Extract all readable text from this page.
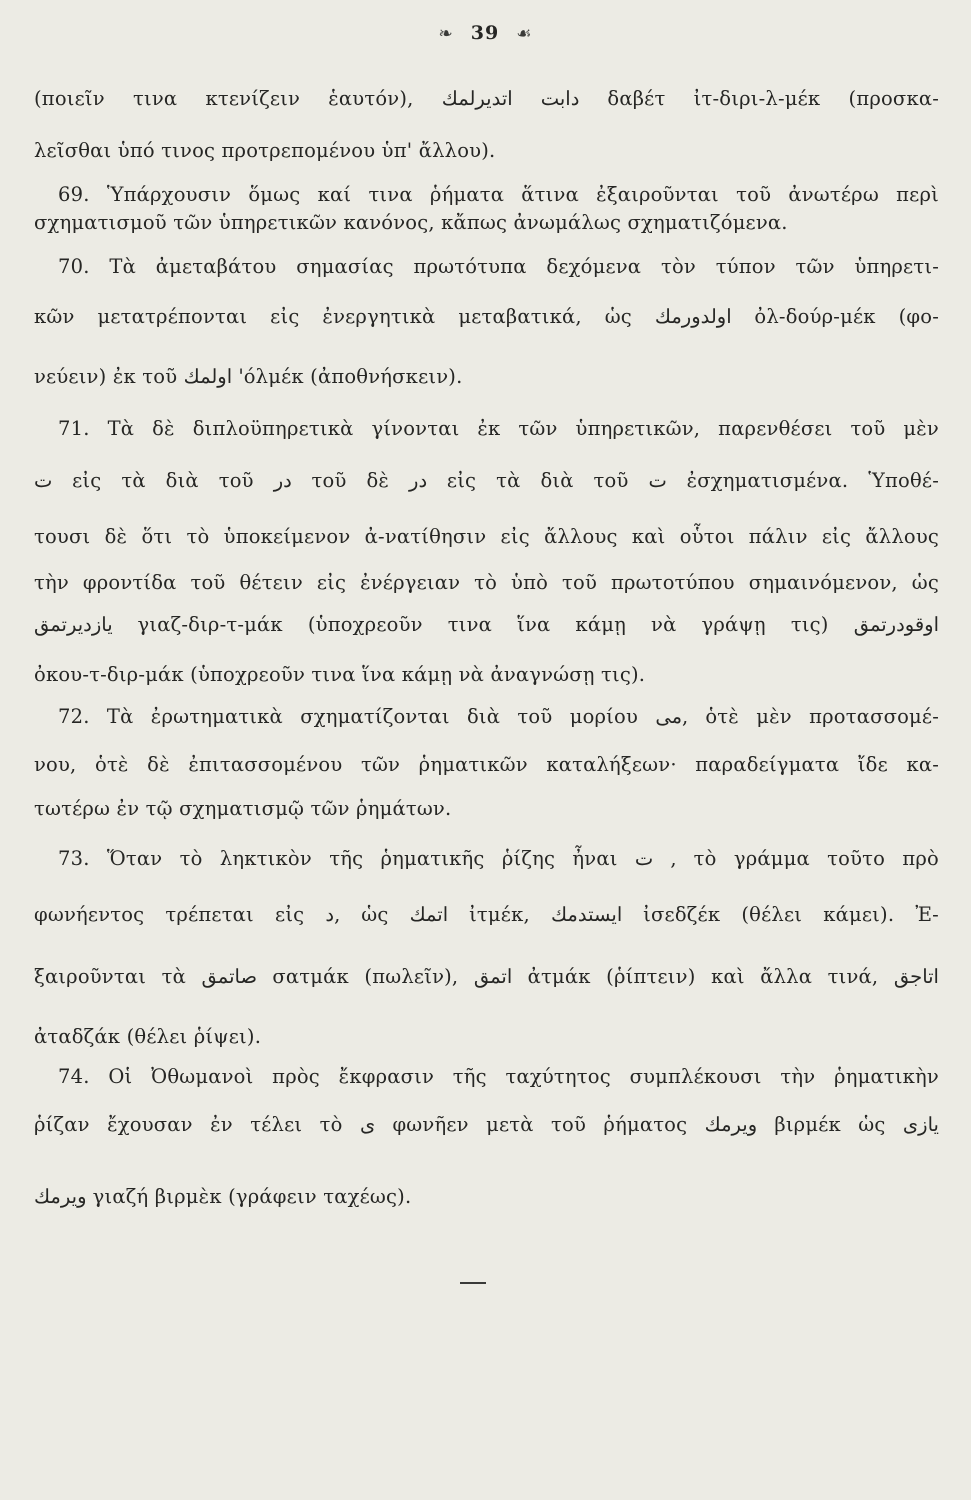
❧ 39 ☙
(ποιεῖν τινα κτενίζειν ἑαυτόν), دابت اتدیرلمك δαβέτ ἰτ-διρι-λ-μέκ (προσκα-
λεῖσθαι ὑπό τινος προτρεπομένου ὑπ' ἄλλου).
69. Ὑπάρχουσιν ὅμως καί τινα ῥήματα ἅτινα ἐξαιροῦνται τοῦ ἀνωτέρω περὶ
σχηματισμοῦ τῶν ὑπηρετικῶν κανόνος, κἄπως ἀνωμάλως σχηματιζόμενα.
70. Τὰ ἀμεταβάτου σημασίας πρωτότυπα δεχόμενα τὸν τύπον τῶν ὑπηρετι-
κῶν μετατρέπονται εἰς ἐνεργητικὰ μεταβατικά, ὡς اولدورمك ὀλ-δούρ-μέκ (φο-
νεύειν) ἐκ τοῦ اولمك 'όλμέκ (ἀποθνήσκειν).
71. Τὰ δὲ διπλοϋπηρετικὰ γίνονται ἐκ τῶν ὑπηρετικῶν, παρενθέσει τοῦ μὲν
ت εἰς τὰ διὰ τοῦ در τοῦ δὲ در εἰς τὰ διὰ τοῦ ت ἐσχηματισμένα. Ὑποθέ-
τουσι δὲ ὅτι τὸ ὑποκείμενον ἀ-νατίθησιν εἰς ἄλλους καὶ οὗτοι πάλιν εἰς ἄλλους
τὴν φροντίδα τοῦ θέτειν εἰς ἐνέργειαν τὸ ὑπὸ τοῦ πρωτοτύπου σημαινόμενον, ὡς
یازدیرتمق γιαζ-διρ-τ-μάκ (ὑποχρεοῦν τινα ἵνα κάμῃ νὰ γράψῃ τις) اوقودرتمق
ὀκου-τ-διρ-μάκ (ὑποχρεοῦν τινα ἵνα κάμῃ νὰ ἀναγνώσῃ τις).
72. Τὰ ἐρωτηματικὰ σχηματίζονται διὰ τοῦ μορίου مى, ὁτὲ μὲν προτασσομέ-
νου, ὁτὲ δὲ ἐπιτασσομένου τῶν ῥηματικῶν καταλήξεων· παραδείγματα ἴδε κα-
τωτέρω ἐν τῷ σχηματισμῷ τῶν ῥημάτων.
73. Ὅταν τὸ ληκτικὸν τῆς ῥηματικῆς ῥίζης ἦναι ت , τὸ γράμμα τοῦτο πρὸ
φωνήεντος τρέπεται εἰς د, ὡς اتمك ἰτμέκ, ایستدمك ἰσεδζέκ (θέλει κάμει). Ἐ-
ξαιροῦνται τὰ صاتمق σατμάκ (πωλεῖν), اتمق ἀτμάκ (ῥίπτειν) καὶ ἄλλα τινά, اتاجق
ἀταδζάκ (θέλει ῥίψει).
74. Οἱ Ὀθωμανοὶ πρὸς ἔκφρασιν τῆς ταχύτητος συμπλέκουσι τὴν ῥηματικὴν
ῥίζαν ἔχουσαν ἐν τέλει τὸ ى φωνῆεν μετὰ τοῦ ῥήματος ویرمك βιρμέκ ὡς یازی
ویرمك γιαζή βιρμὲκ (γράφειν ταχέως).
